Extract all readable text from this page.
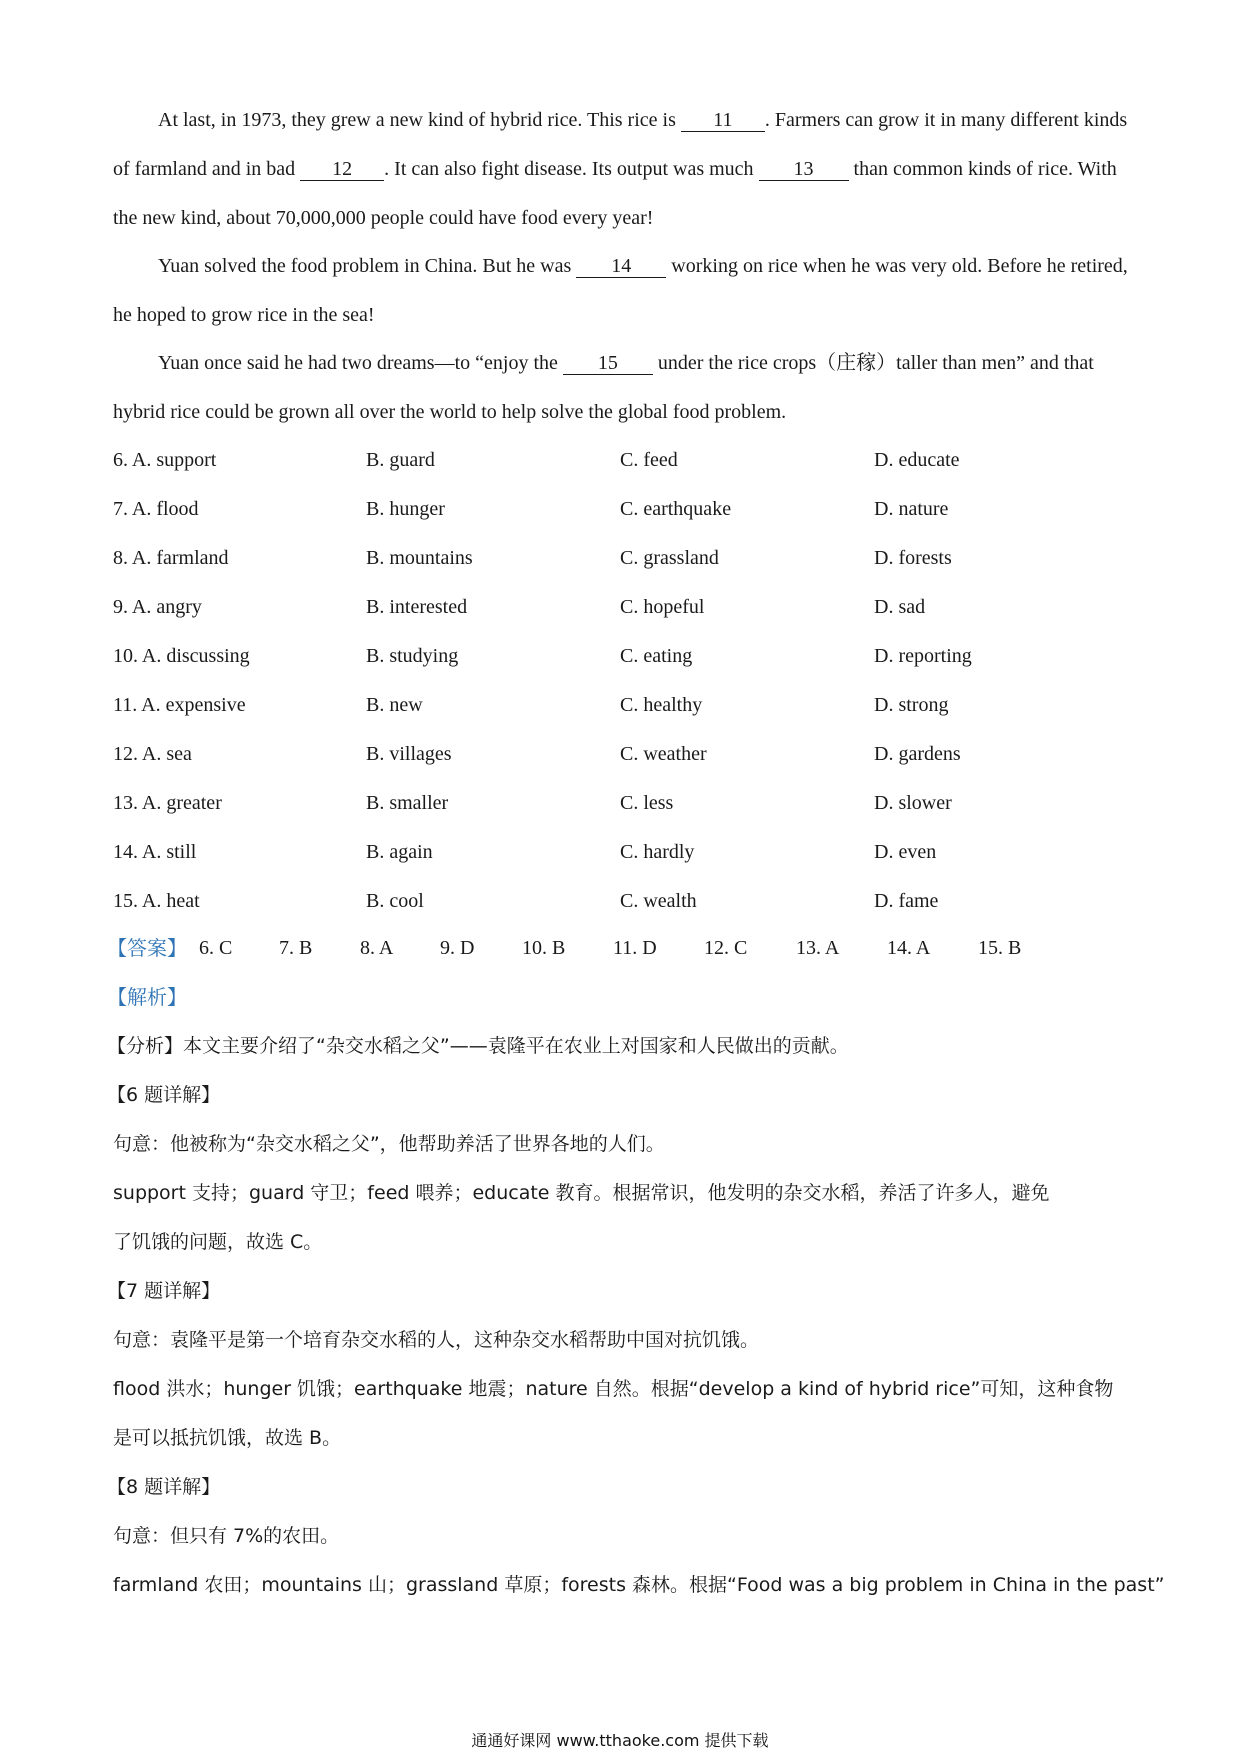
At last, in 1973, they grew a new kind of hybrid rice. This rice is 11 . Farmers can grow it in many different kinds of farmland and in bad 12 . It can also fight disease. Its output was much 13 than common kinds of rice. With the new kind, about 70,000,000 people could have food every year!

Yuan solved the food problem in China. But he was 14 working on rice when he was very old. Before he retired, he hoped to grow rice in the sea!

Yuan once said he had two dreams—to “enjoy the 15 under the rice crops（庄稼）taller than men” and that hybrid rice could be grown all over the world to help solve the global food problem.

6. A. support	B. guard	C. feed	D. educate
7. A. flood	B. hunger	C. earthquake	D. nature
8. A. farmland	B. mountains	C. grassland	D. forests
9. A. angry	B. interested	C. hopeful	D. sad
10. A. discussing	B. studying	C. eating	D. reporting
11. A. expensive	B. new	C. healthy	D. strong
12. A. sea	B. villages	C. weather	D. gardens
13. A. greater	B. smaller	C. less	D. slower
14. A. still	B. again	C. hardly	D. even
15. A. heat	B. cool	C. wealth	D. fame
【答案】 6. C 7. B 8. A 9. D 10. B 11. D 12. C 13. A 14. A 15. B
【解析】
【分析】本文主要介绍了“杂交水稻之父”——袁隆平在农业上对国家和人民做出的贡献。
【6 题详解】
句意：他被称为“杂交水稻之父”，他帮助养活了世界各地的人们。
support 支持；guard 守卫；feed 喂养；educate 教育。根据常识，他发明的杂交水稻，养活了许多人，避免
了饥饿的问题，故选 C。
【7 题详解】
句意：袁隆平是第一个培育杂交水稻的人，这种杂交水稻帮助中国对抗饥饿。
flood 洪水；hunger 饥饿；earthquake 地震；nature 自然。根据“develop a kind of hybrid rice”可知，这种食物
是可以抵抗饥饿，故选 B。
【8 题详解】
句意：但只有 7%的农田。
farmland 农田；mountains 山；grassland 草原；forests 森林。根据“Food was a big problem in China in the past”
通通好课网 www.tthaoke.com 提供下载
